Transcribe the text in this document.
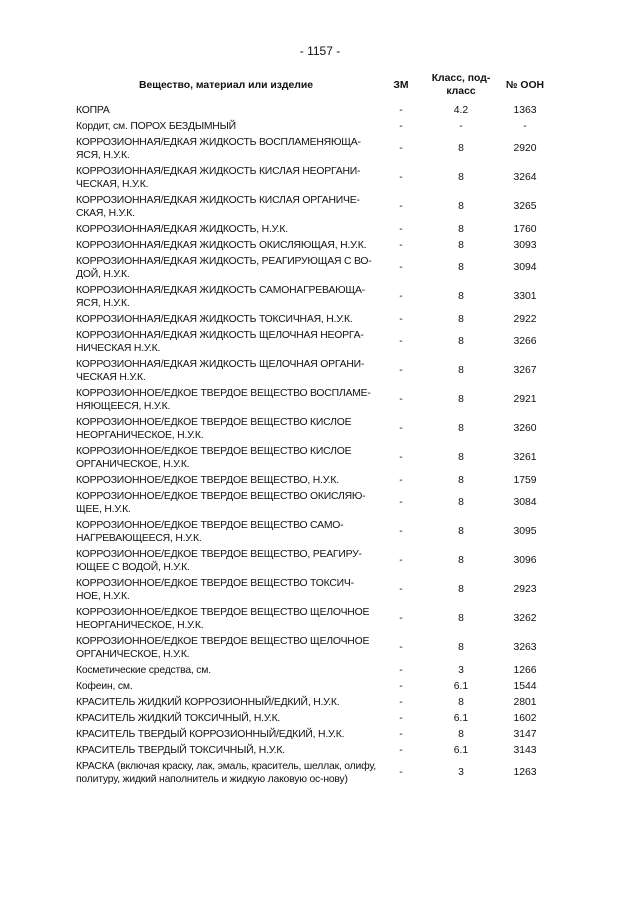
- 1157 -
Вещество, материал или изделие	ЗМ	Класс, под-класс	№ ООН
КОПРА	-	4.2	1363
Кордит, см. ПОРОХ БЕЗДЫМНЫЙ	-	-	-
КОРРОЗИОННАЯ/ЕДКАЯ ЖИДКОСТЬ ВОСПЛАМЕНЯЮЩА-ЯСЯ, Н.У.К.	-	8	2920
КОРРОЗИОННАЯ/ЕДКАЯ ЖИДКОСТЬ КИСЛАЯ НЕОРГАНИ-ЧЕСКАЯ, Н.У.К.	-	8	3264
КОРРОЗИОННАЯ/ЕДКАЯ ЖИДКОСТЬ КИСЛАЯ ОРГАНИЧЕ-СКАЯ, Н.У.К.	-	8	3265
КОРРОЗИОННАЯ/ЕДКАЯ ЖИДКОСТЬ, Н.У.К.	-	8	1760
КОРРОЗИОННАЯ/ЕДКАЯ ЖИДКОСТЬ ОКИСЛЯЮЩАЯ, Н.У.К.	-	8	3093
КОРРОЗИОННАЯ/ЕДКАЯ ЖИДКОСТЬ, РЕАГИРУЮЩАЯ С ВО-ДОЙ, Н.У.К.	-	8	3094
КОРРОЗИОННАЯ/ЕДКАЯ ЖИДКОСТЬ САМОНАГРЕВАЮЩА-ЯСЯ, Н.У.К.	-	8	3301
КОРРОЗИОННАЯ/ЕДКАЯ ЖИДКОСТЬ ТОКСИЧНАЯ, Н.У.К.	-	8	2922
КОРРОЗИОННАЯ/ЕДКАЯ ЖИДКОСТЬ ЩЕЛОЧНАЯ НЕОРГА-НИЧЕСКАЯ Н.У.К.	-	8	3266
КОРРОЗИОННАЯ/ЕДКАЯ ЖИДКОСТЬ ЩЕЛОЧНАЯ ОРГАНИ-ЧЕСКАЯ Н.У.К.	-	8	3267
КОРРОЗИОННОЕ/ЕДКОЕ ТВЕРДОЕ ВЕЩЕСТВО ВОСПЛАМЕ-НЯЮЩЕЕСЯ, Н.У.К.	-	8	2921
КОРРОЗИОННОЕ/ЕДКОЕ ТВЕРДОЕ ВЕЩЕСТВО КИСЛОЕ НЕОРГАНИЧЕСКОЕ, Н.У.К.	-	8	3260
КОРРОЗИОННОЕ/ЕДКОЕ ТВЕРДОЕ ВЕЩЕСТВО КИСЛОЕ ОРГАНИЧЕСКОЕ, Н.У.К.	-	8	3261
КОРРОЗИОННОЕ/ЕДКОЕ ТВЕРДОЕ ВЕЩЕСТВО, Н.У.К.	-	8	1759
КОРРОЗИОННОЕ/ЕДКОЕ ТВЕРДОЕ ВЕЩЕСТВО ОКИСЛЯЮ-ЩЕЕ, Н.У.К.	-	8	3084
КОРРОЗИОННОЕ/ЕДКОЕ ТВЕРДОЕ ВЕЩЕСТВО САМО-НАГРЕВАЮЩЕЕСЯ, Н.У.К.	-	8	3095
КОРРОЗИОННОЕ/ЕДКОЕ ТВЕРДОЕ ВЕЩЕСТВО, РЕАГИРУ-ЮЩЕЕ С ВОДОЙ, Н.У.К.	-	8	3096
КОРРОЗИОННОЕ/ЕДКОЕ ТВЕРДОЕ ВЕЩЕСТВО ТОКСИЧ-НОЕ, Н.У.К.	-	8	2923
КОРРОЗИОННОЕ/ЕДКОЕ ТВЕРДОЕ ВЕЩЕСТВО ЩЕЛОЧНОЕ НЕОРГАНИЧЕСКОЕ, Н.У.К.	-	8	3262
КОРРОЗИОННОЕ/ЕДКОЕ ТВЕРДОЕ ВЕЩЕСТВО ЩЕЛОЧНОЕ ОРГАНИЧЕСКОЕ, Н.У.К.	-	8	3263
Косметические средства, см.	-	3	1266
Кофеин, см.	-	6.1	1544
КРАСИТЕЛЬ ЖИДКИЙ КОРРОЗИОННЫЙ/ЕДКИЙ, Н.У.К.	-	8	2801
КРАСИТЕЛЬ ЖИДКИЙ ТОКСИЧНЫЙ, Н.У.К.	-	6.1	1602
КРАСИТЕЛЬ ТВЕРДЫЙ КОРРОЗИОННЫЙ/ЕДКИЙ, Н.У.К.	-	8	3147
КРАСИТЕЛЬ ТВЕРДЫЙ ТОКСИЧНЫЙ, Н.У.К.	-	6.1	3143
КРАСКА (включая краску, лак, эмаль, краситель, шеллак, олифу, политуру, жидкий наполнитель и жидкую лаковую ос-нову)	-	3	1263
